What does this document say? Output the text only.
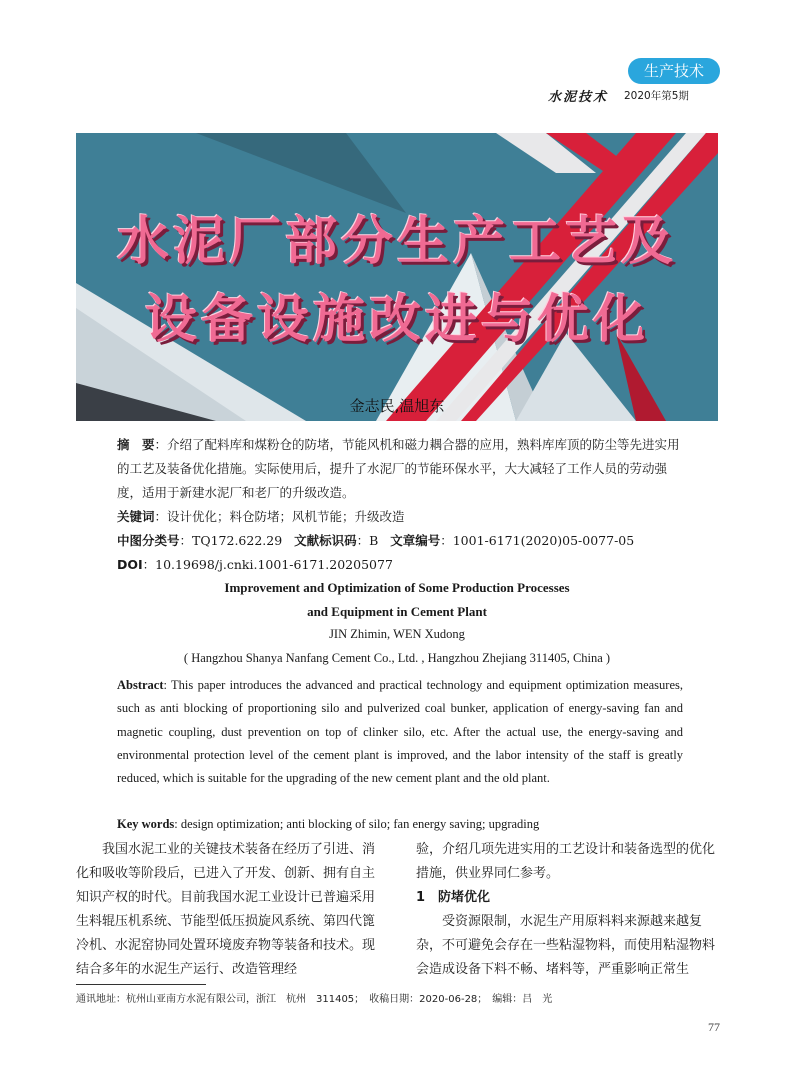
生产技术
水泥技术 2020年第5期
水泥厂部分生产工艺及
设备设施改进与优化
金志民,温旭东
摘　要：介绍了配料库和煤粉仓的防堵，节能风机和磁力耦合器的应用，熟料库库顶的防尘等先进实用的工艺及装备优化措施。实际使用后，提升了水泥厂的节能环保水平，大大减轻了工作人员的劳动强度，适用于新建水泥厂和老厂的升级改造。
关键词：设计优化；料仓防堵；风机节能；升级改造
中图分类号：TQ172.622.29 文献标识码：B 文章编号：1001-6171(2020)05-0077-05
DOI：10.19698/j.cnki.1001-6171.20205077
Improvement and Optimization of Some Production Processes
and Equipment in Cement Plant
JIN Zhimin, WEN Xudong
( Hangzhou Shanya Nanfang Cement Co., Ltd. , Hangzhou Zhejiang 311405, China )
Abstract: This paper introduces the advanced and practical technology and equipment optimization measures, such as anti blocking of proportioning silo and pulverized coal bunker, application of energy-saving fan and magnetic coupling, dust prevention on top of clinker silo, etc. After the actual use, the energy-saving and environmental protection level of the cement plant is improved, and the labor intensity of the staff is greatly reduced, which is suitable for the upgrading of the new cement plant and the old plant.
Key words: design optimization; anti blocking of silo; fan energy saving; upgrading

我国水泥工业的关键技术装备在经历了引进、消化和吸收等阶段后，已进入了开发、创新、拥有自主知识产权的时代。目前我国水泥工业设计已普遍采用生料辊压机系统、节能型低压损旋风系统、第四代篦冷机、水泥窑协同处置环境废弃物等装备和技术。现结合多年的水泥生产运行、改造管理经

验，介绍几项先进实用的工艺设计和装备选型的优化措施，供业界同仁参考。

1　防堵优化

受资源限制，水泥生产用原料料来源越来越复杂，不可避免会存在一些粘湿物料，而使用粘湿物料会造成设备下料不畅、堵料等，严重影响正常生

通讯地址：杭州山亚南方水泥有限公司，浙江　杭州　311405；　收稿日期：2020-06-28；　编辑：吕　光
77
